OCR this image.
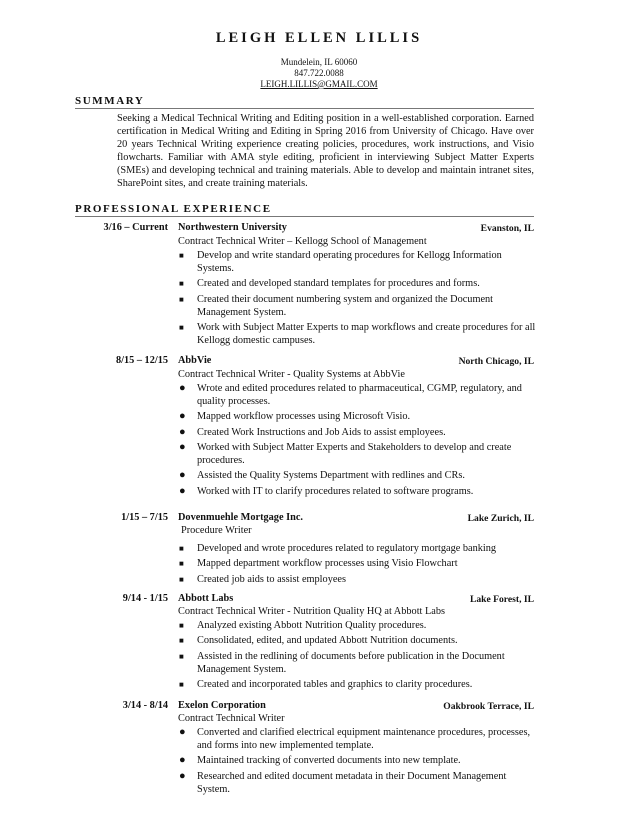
LEIGH ELLEN LILLIS
Mundelein, IL 60060
847.722.0088
LEIGH.LILLIS@GMAIL.COM
SUMMARY
Seeking a Medical Technical Writing and Editing position in a well-established corporation. Earned certification in Medical Writing and Editing in Spring 2016 from University of Chicago. Have over 20 years Technical Writing experience creating policies, procedures, work instructions, and Visio flowcharts. Familiar with AMA style editing, proficient in interviewing Subject Matter Experts (SMEs) and developing technical and training materials. Able to develop and maintain intranet sites, SharePoint sites, and create training materials.
PROFESSIONAL EXPERIENCE
3/16 – Current Northwestern University	Evanston, IL
Contract Technical Writer – Kellogg School of Management
■ Develop and write standard operating procedures for Kellogg Information Systems.
■ Created and developed standard templates for procedures and forms.
■ Created their document numbering system and organized the Document Management System.
■ Work with Subject Matter Experts to map workflows and create procedures for all Kellogg domestic campuses.
8/15 – 12/15 AbbVie	North Chicago, IL
Contract Technical Writer - Quality Systems at AbbVie
● Wrote and edited procedures related to pharmaceutical, CGMP, regulatory, and quality processes.
● Mapped workflow processes using Microsoft Visio.
● Created Work Instructions and Job Aids to assist employees.
● Worked with Subject Matter Experts and Stakeholders to develop and create procedures.
● Assisted the Quality Systems Department with redlines and CRs.
● Worked with IT to clarify procedures related to software programs.
1/15 – 7/15 Dovenmuehle Mortgage Inc.	Lake Zurich, IL
Procedure Writer
■ Developed and wrote procedures related to regulatory mortgage banking
■ Mapped department workflow processes using Visio Flowchart
■ Created job aids to assist employees
9/14 - 1/15 Abbott Labs	Lake Forest, IL
Contract Technical Writer - Nutrition Quality HQ at Abbott Labs
■ Analyzed existing Abbott Nutrition Quality procedures.
■ Consolidated, edited, and updated Abbott Nutrition documents.
■ Assisted in the redlining of documents before publication in the Document Management System.
■ Created and incorporated tables and graphics to clarity procedures.
3/14 - 8/14 Exelon Corporation	Oakbrook Terrace, IL
Contract Technical Writer
● Converted and clarified electrical equipment maintenance procedures, processes, and forms into new implemented template.
● Maintained tracking of converted documents into new template.
● Researched and edited document metadata in their Document Management System.
